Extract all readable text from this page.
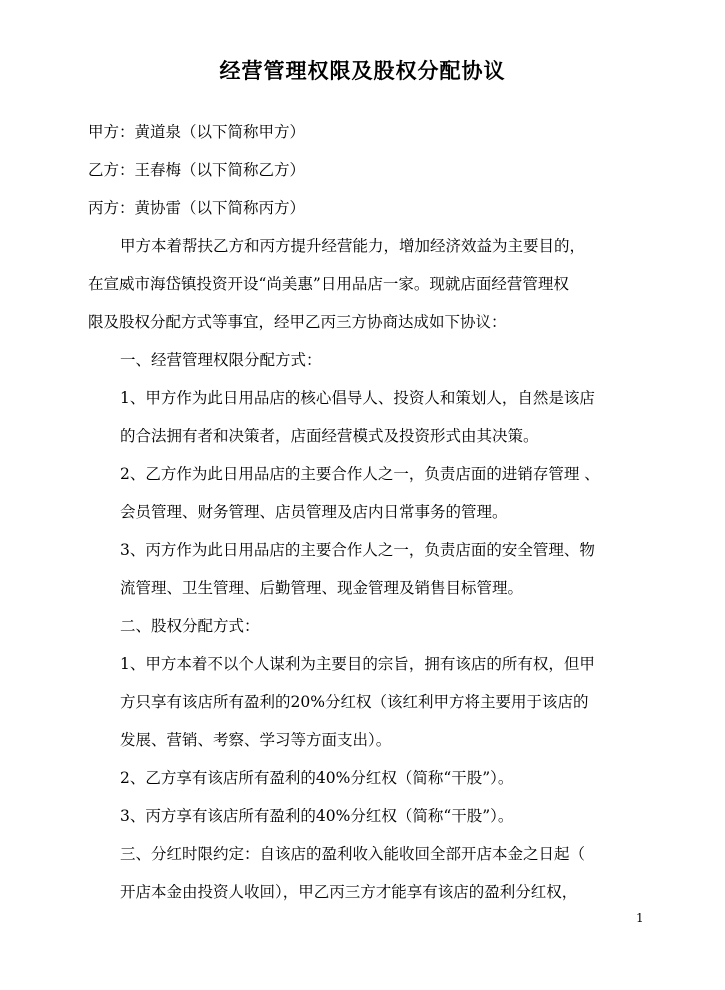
经营管理权限及股权分配协议
甲方：黄道泉（以下简称甲方）
乙方：王春梅（以下简称乙方）
丙方：黄协雷（以下简称丙方）
甲方本着帮扶乙方和丙方提升经营能力，增加经济效益为主要目的，
在宣威市海岱镇投资开设“尚美惠”日用品店一家。现就店面经营管理权
限及股权分配方式等事宜，经甲乙丙三方协商达成如下协议：
一、经营管理权限分配方式：
1、甲方作为此日用品店的核心倡导人、投资人和策划人，自然是该店
的合法拥有者和决策者，店面经营模式及投资形式由其决策。
2、乙方作为此日用品店的主要合作人之一，负责店面的进销存管理 、
会员管理、财务管理、店员管理及店内日常事务的管理。
3、丙方作为此日用品店的主要合作人之一，负责店面的安全管理、物
流管理、卫生管理、后勤管理、现金管理及销售目标管理。
二、股权分配方式：
1、甲方本着不以个人谋利为主要目的宗旨，拥有该店的所有权，但甲
方只享有该店所有盈利的20%分红权（该红利甲方将主要用于该店的
发展、营销、考察、学习等方面支出）。
2、乙方享有该店所有盈利的40%分红权（简称“干股”）。
3、丙方享有该店所有盈利的40%分红权（简称“干股”）。
三、分红时限约定：自该店的盈利收入能收回全部开店本金之日起（
开店本金由投资人收回），甲乙丙三方才能享有该店的盈利分红权，
1
